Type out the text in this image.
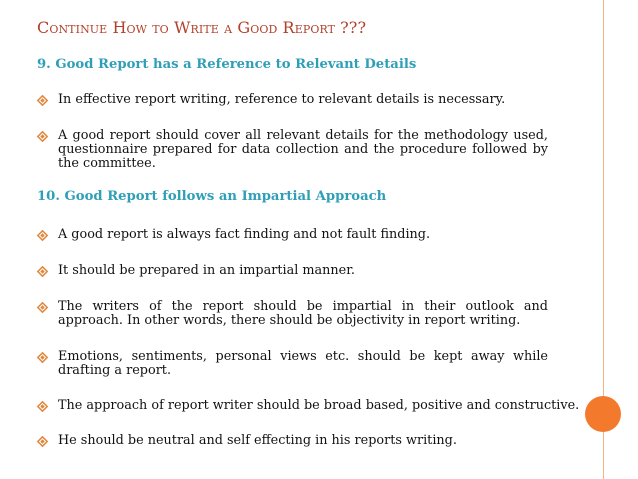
Continue How to Write a Good Report ???
9. Good Report has a Reference to Relevant Details
In effective report writing, reference to relevant details is necessary.
A good report should cover all relevant details for the methodology used, questionnaire prepared for data collection and the procedure followed by the committee.
10. Good Report follows an Impartial Approach
A good report is always fact finding and not fault finding.
It should be prepared in an impartial manner.
The writers of the report should be impartial in their outlook and approach. In other words, there should be objectivity in report writing.
Emotions, sentiments, personal views etc. should be kept away while drafting a report.
The approach of report writer should be broad based, positive and constructive.
He should be neutral and self effecting in his reports writing.
